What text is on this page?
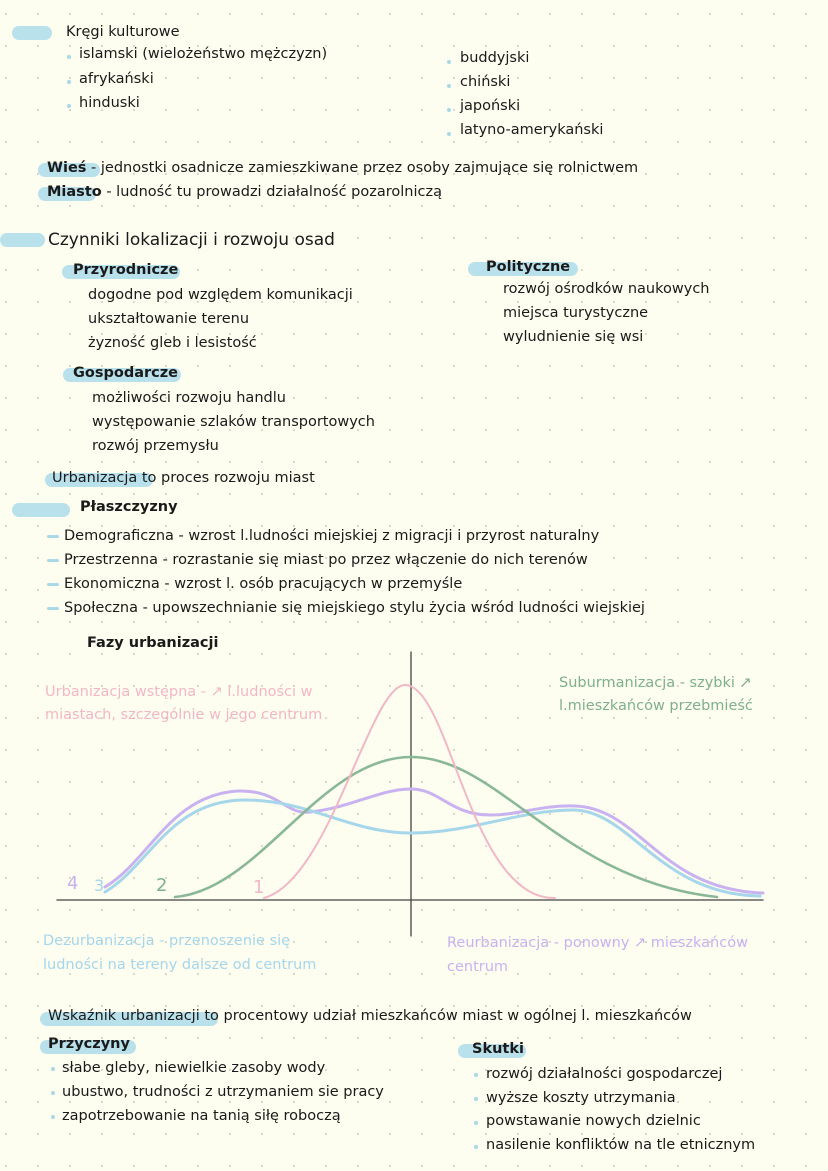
Kręgi kulturowe
islamski (wielożeństwo mężczyzn)
afrykański
hinduski
buddyjski
chiński
japoński
latyno-amerykański
Wieś - jednostki osadnicze zamieszkiwane przez osoby zajmujące się rolnictwem
Miasto - ludność tu prowadzi działalność pozarolniczą
Czynniki lokalizacji i rozwoju osad
Przyrodnicze
dogodne pod względem komunikacji
ukształtowanie terenu
żyzność gleb i lesistość
Polityczne
rozwój ośrodków naukowych
miejsca turystyczne
wyludnienie się wsi
Gospodarcze
możliwości rozwoju handlu
występowanie szlaków transportowych
rozwój przemysłu
Urbanizacja to proces rozwoju miast
Płaszczyzny
Demograficzna - wzrost l.ludności miejskiej z migracji i przyrost naturalny
Przestrzenna - rozrastanie się miast po przez włączenie do nich terenów
Ekonomiczna - wzrost l. osób pracujących w przemyśle
Społeczna - upowszechnianie się miejskiego stylu życia wśród ludności wiejskiej
Fazy urbanizacji
4 3	2	1
Urbanizacja wstępna - ↗ l.ludności w
miastach, szczególnie w jego centrum
Suburmanizacja - szybki ↗
l.mieszkańców przebmieść
Dezurbanizacja - przenoszenie się
ludności na tereny dalsze od centrum
Reurbanizacja - ponowny ↗ mieszkańców
centrum
Wskaźnik urbanizacji to procentowy udział mieszkańców miast w ogólnej l. mieszkańców
Przyczyny
słabe gleby, niewielkie zasoby wody
ubustwo, trudności z utrzymaniem sie pracy
zapotrzebowanie na tanią siłę roboczą
Skutki
rozwój działalności gospodarczej
wyższe koszty utrzymania
powstawanie nowych dzielnic
nasilenie konfliktów na tle etnicznym
